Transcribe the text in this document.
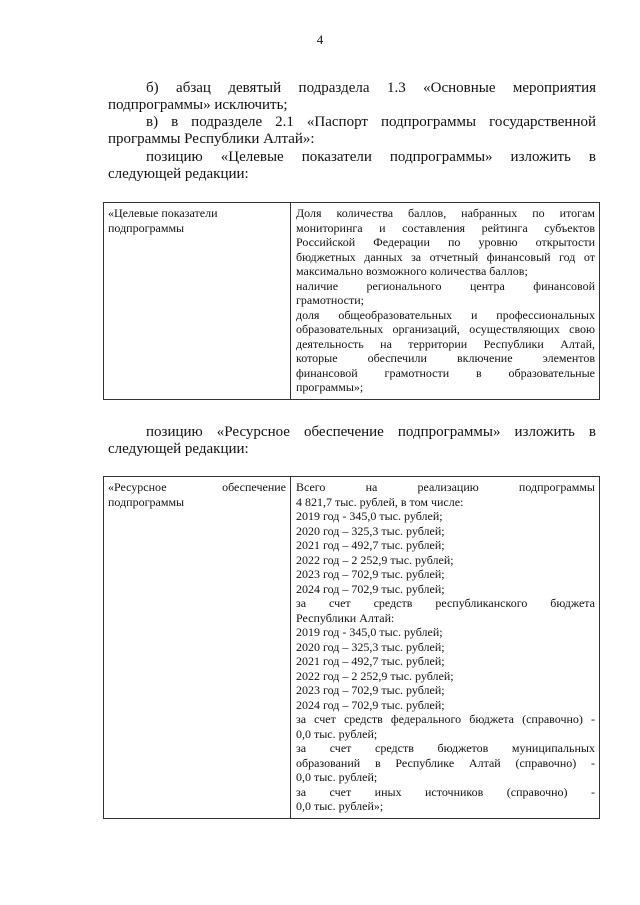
4
б) абзац девятый подраздела 1.3 «Основные мероприятия
подпрограммы» исключить;
в) в подразделе 2.1 «Паспорт подпрограммы государственной
программы Республики Алтай»:
позицию «Целевые показатели подпрограммы» изложить в
следующей редакции:
«Целевые показатели
подпрограммы

Доля количества баллов, набранных по итогам
мониторинга и составления рейтинга субъектов
Российской Федерации по уровню открытости
бюджетных данных за отчетный финансовый год от
максимально возможного количества баллов;
наличие регионального центра финансовой
грамотности;
доля общеобразовательных и профессиональных
образовательных организаций, осуществляющих свою
деятельность на территории Республики Алтай,
которые обеспечили включение элементов
финансовой грамотности в образовательные
программы»;
позицию «Ресурсное обеспечение подпрограммы» изложить в
следующей редакции:
«Ресурсное обеспечение
подпрограммы

Всего на реализацию подпрограммы
4 821,7 тыс. рублей, в том числе:
2019 год - 345,0 тыс. рублей;
2020 год – 325,3 тыс. рублей;
2021 год – 492,7 тыс. рублей;
2022 год – 2 252,9 тыс. рублей;
2023 год – 702,9 тыс. рублей;
2024 год – 702,9 тыс. рублей;
за счет средств республиканского бюджета
Республики Алтай:
2019 год - 345,0 тыс. рублей;
2020 год – 325,3 тыс. рублей;
2021 год – 492,7 тыс. рублей;
2022 год – 2 252,9 тыс. рублей;
2023 год – 702,9 тыс. рублей;
2024 год – 702,9 тыс. рублей;
за счет средств федерального бюджета (справочно) -
0,0 тыс. рублей;
за счет средств бюджетов муниципальных
образований в Республике Алтай (справочно) -
0,0 тыс. рублей;
за счет иных источников (справочно) -
0,0 тыс. рублей»;
